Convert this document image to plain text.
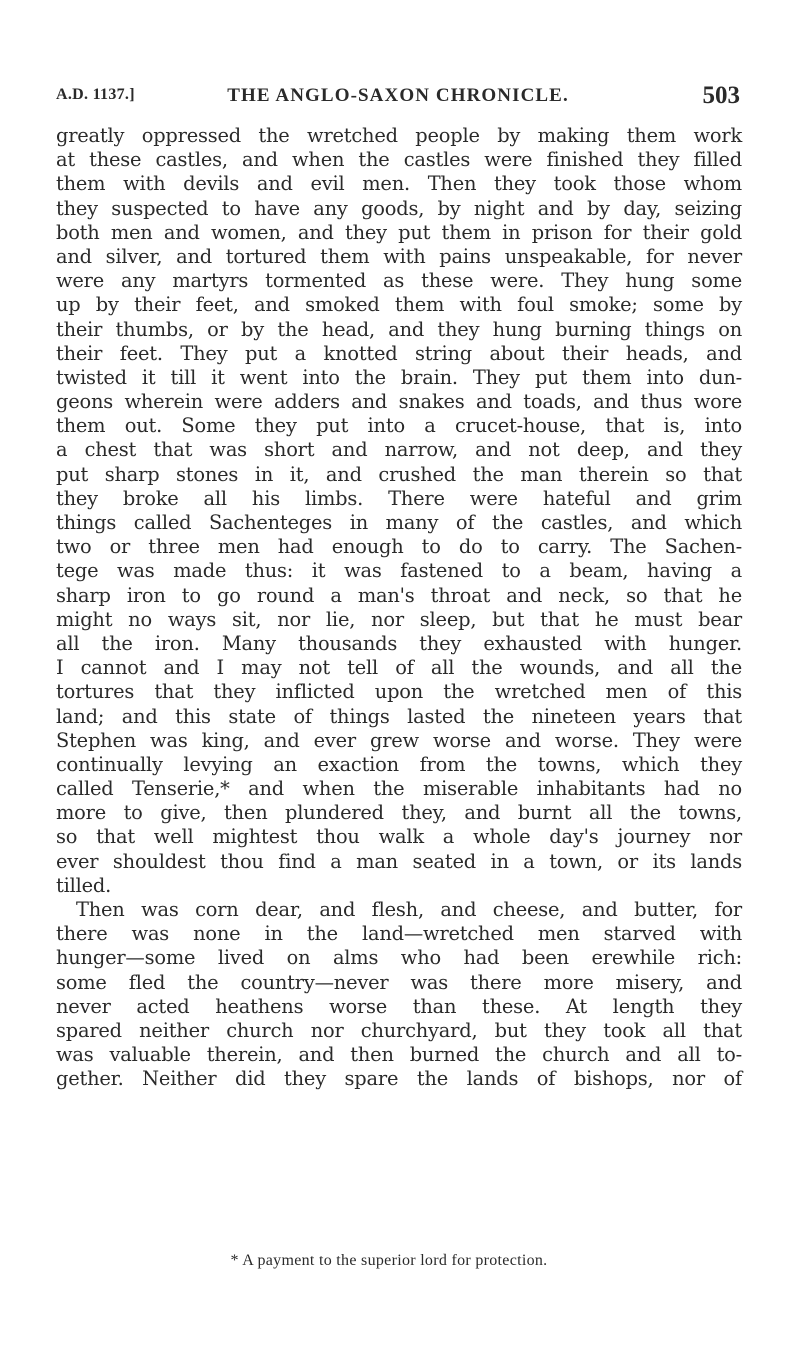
A.D. 1137.]	THE ANGLO-SAXON CHRONICLE.	503
greatly oppressed the wretched people by making them work
at these castles, and when the castles were finished they filled
them with devils and evil men. Then they took those whom
they suspected to have any goods, by night and by day, seizing
both men and women, and they put them in prison for their gold
and silver, and tortured them with pains unspeakable, for never
were any martyrs tormented as these were. They hung some
up by their feet, and smoked them with foul smoke; some by
their thumbs, or by the head, and they hung burning things on
their feet. They put a knotted string about their heads, and
twisted it till it went into the brain. They put them into dun-
geons wherein were adders and snakes and toads, and thus wore
them out. Some they put into a crucet-house, that is, into
a chest that was short and narrow, and not deep, and they
put sharp stones in it, and crushed the man therein so that
they broke all his limbs. There were hateful and grim
things called Sachenteges in many of the castles, and which
two or three men had enough to do to carry. The Sachen-
tege was made thus: it was fastened to a beam, having a
sharp iron to go round a man's throat and neck, so that he
might no ways sit, nor lie, nor sleep, but that he must bear
all the iron. Many thousands they exhausted with hunger.
I cannot and I may not tell of all the wounds, and all the
tortures that they inflicted upon the wretched men of this
land; and this state of things lasted the nineteen years that
Stephen was king, and ever grew worse and worse. They were
continually levying an exaction from the towns, which they
called Tenserie,* and when the miserable inhabitants had no
more to give, then plundered they, and burnt all the towns,
so that well mightest thou walk a whole day's journey nor
ever shouldest thou find a man seated in a town, or its lands
tilled.
Then was corn dear, and flesh, and cheese, and butter, for
there was none in the land—wretched men starved with
hunger—some lived on alms who had been erewhile rich:
some fled the country—never was there more misery, and
never acted heathens worse than these. At length they
spared neither church nor churchyard, but they took all that
was valuable therein, and then burned the church and all to-
gether. Neither did they spare the lands of bishops, nor of
* A payment to the superior lord for protection.
